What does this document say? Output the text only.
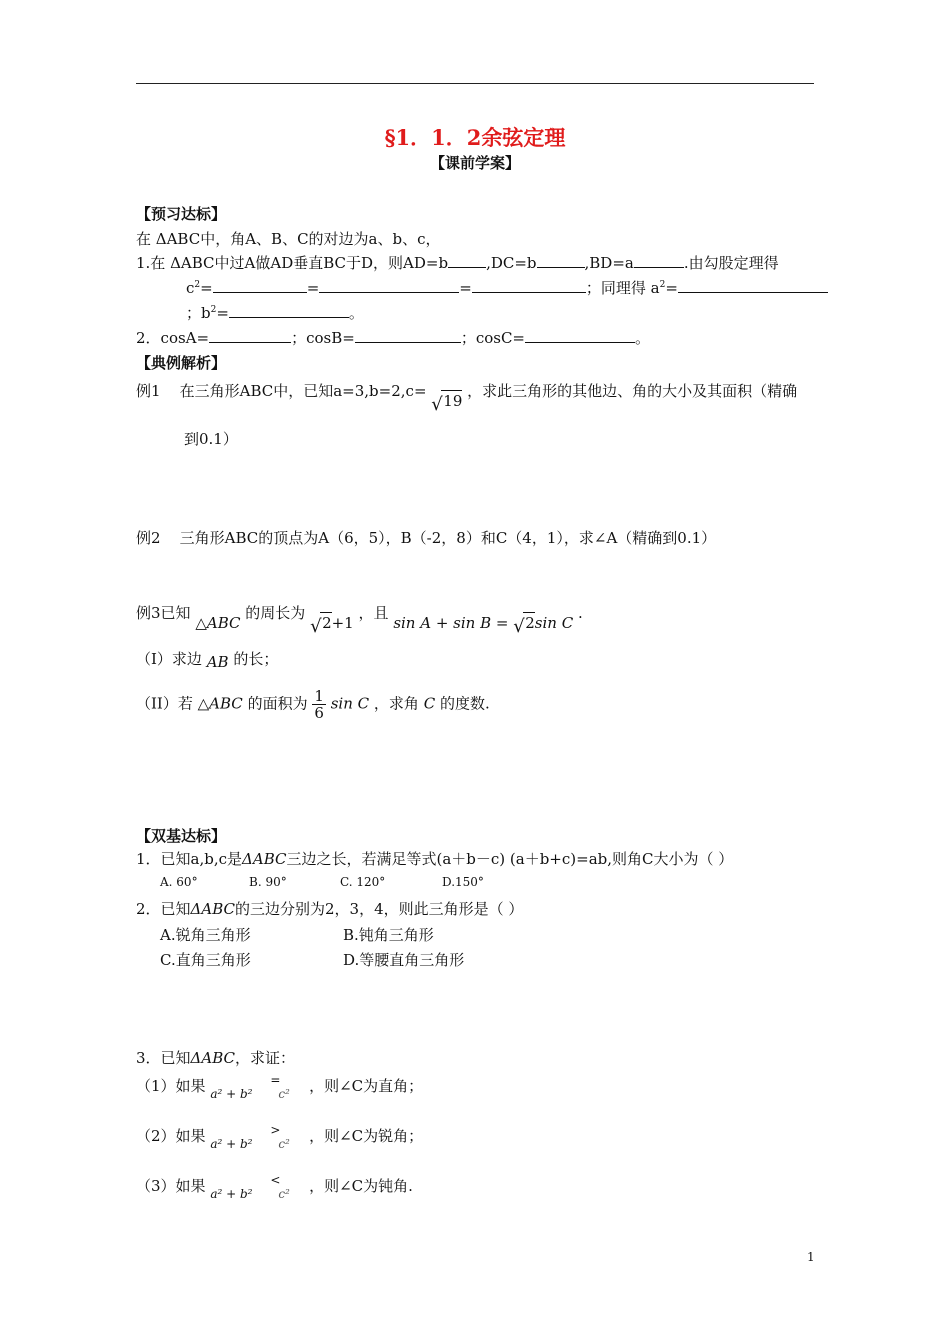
§1．1．2余弦定理
【课前学案】
【预习达标】
在 ΔABC中，角A、B、C的对边为a、b、c，
1.在 ΔABC中过A做AD垂直BC于D，则AD=b	,DC=b	,BD=a	.由勾股定理得
$c^2=$	=	=	；同理得 $a^2=$
；$b^2=$	。
2．cosA=	；cosB=	；cosC=	。
【典例解析】
例1 在三角形ABC中，已知a=3,b=2,c=
√ 19 ，求此三角形的其他边、角的大小及其面积（精确
到0.1）
例2 三角形ABC的顶点为A（6，5），B（-2，8）和C（4，1），求∠A（精确到0.1）
例3已知 △ABC 的周长为
√ 2+1 ，且 sin A + sin B = √ 2sin C .
（I）求边 AB 的长；
（II）若 △ABC 的面积为 $\frac{1}{6}$ sin C ，求角 C 的度数.
【双基达标】
1．已知a,b,c是ΔABC三边之长，若满足等式(a＋b－c) (a＋b+c)=ab,则角C大小为（ ）
A. 60°	B. 90°	C. 120°	D.150°
2．已知ΔABC的三边分别为2，3，4，则此三角形是（ ）
A.锐角三角形	B.钝角三角形
C.直角三角形	D.等腰直角三角形
3．已知ΔABC，求证：
（1）如果 a² + b²
=
c² ，则∠C为直角；
（2）如果 a² + b²
>
c² ，则∠C为锐角；
（3）如果 a² + b²
<
c² ，则∠C为钝角.
1
